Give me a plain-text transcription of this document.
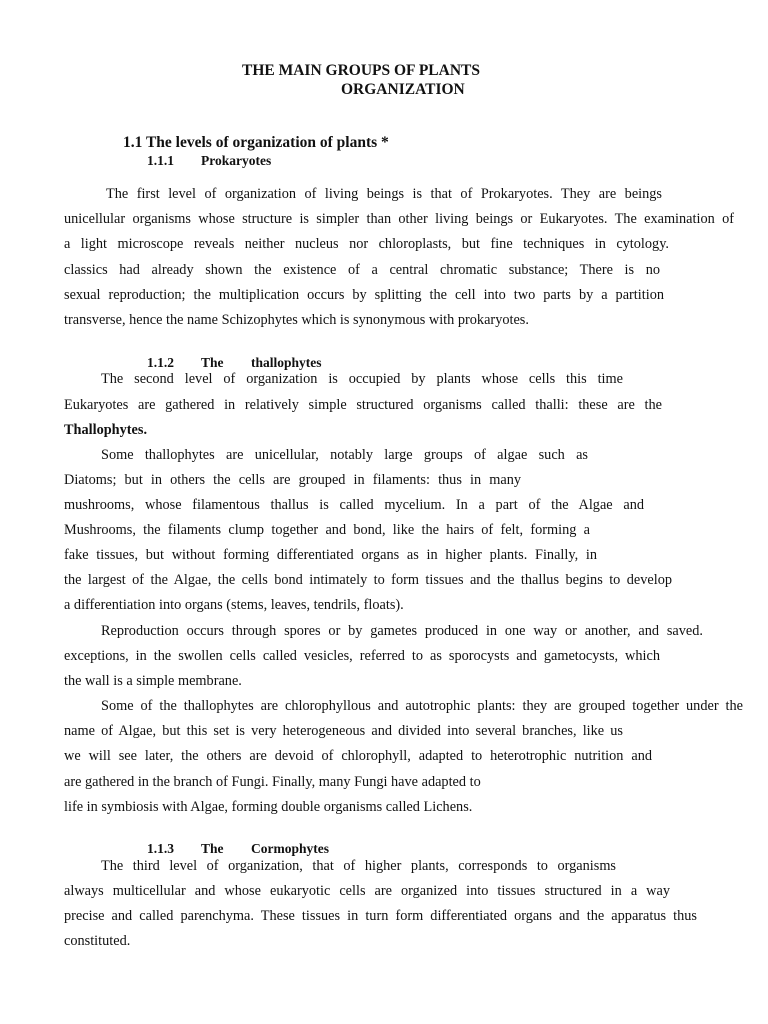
THE MAIN GROUPS OF PLANTS
ORGANIZATION
1.1 The levels of organization of plants *
1.1.1 Prokaryotes
The first level of organization of living beings is that of Prokaryotes. They are beings
unicellular organisms whose structure is simpler than other living beings or Eukaryotes. The examination of
a light microscope reveals neither nucleus nor chloroplasts, but fine techniques in cytology.
classics had already shown the existence of a central chromatic substance; There is no
sexual reproduction; the multiplication occurs by splitting the cell into two parts by a partition
transverse, hence the name Schizophytes which is synonymous with prokaryotes.
1.1.2 The thallophytes
The second level of organization is occupied by plants whose cells this time
Eukaryotes are gathered in relatively simple structured organisms called thalli: these are the
Thallophytes.
Some thallophytes are unicellular, notably large groups of algae such as
Diatoms; but in others the cells are grouped in filaments: thus in many
mushrooms, whose filamentous thallus is called mycelium. In a part of the Algae and
Mushrooms, the filaments clump together and bond, like the hairs of felt, forming a
fake tissues, but without forming differentiated organs as in higher plants. Finally, in
the largest of the Algae, the cells bond intimately to form tissues and the thallus begins to develop
a differentiation into organs (stems, leaves, tendrils, floats).
Reproduction occurs through spores or by gametes produced in one way or another, and saved.
exceptions, in the swollen cells called vesicles, referred to as sporocysts and gametocysts, which
the wall is a simple membrane.
Some of the thallophytes are chlorophyllous and autotrophic plants: they are grouped together under the
name of Algae, but this set is very heterogeneous and divided into several branches, like us
we will see later, the others are devoid of chlorophyll, adapted to heterotrophic nutrition and
are gathered in the branch of Fungi. Finally, many Fungi have adapted to
life in symbiosis with Algae, forming double organisms called Lichens.
1.1.3 The Cormophytes
The third level of organization, that of higher plants, corresponds to organisms
always multicellular and whose eukaryotic cells are organized into tissues structured in a way
precise and called parenchyma. These tissues in turn form differentiated organs and the apparatus thus
constituted.
